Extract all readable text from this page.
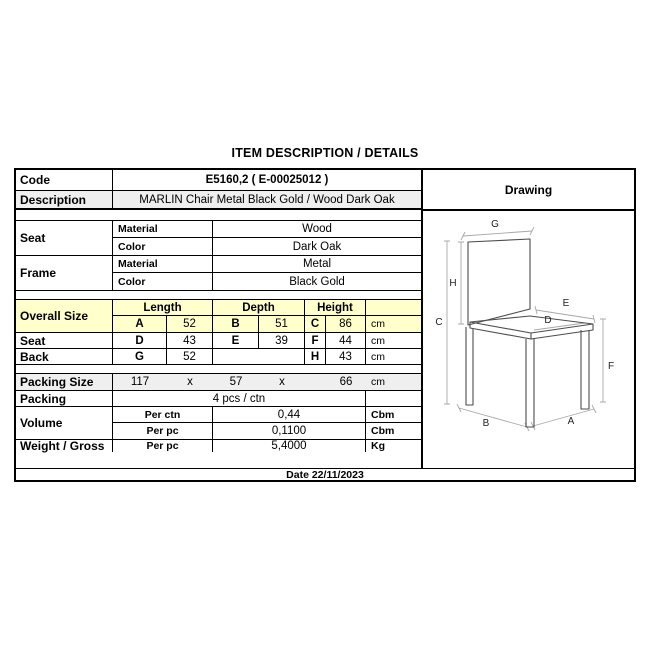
ITEM DESCRIPTION / DETAILS
Code	E5160,2 ( E-00025012 )
Description	MARLIN Chair Metal Black Gold / Wood Dark Oak
Seat
Material	Wood
Color	Dark Oak
Frame
Material	Metal
Color	Black Gold
Overall Size
Length	Depth	Height
A	52	B	51	C	86	cm
Seat	D	43	E	39	F	44	cm
Back	G	52	H	43	cm
Packing Size	117	x	57	x	66	cm
Packing	4 pcs / ctn
Volume
Per ctn	0,44	Cbm
Per pc	0,1100	Cbm
Weight / Gross	Per pc	5,4000	Kg
Drawing
G
H
C
E
D
F
A
B
Date 22/11/2023
